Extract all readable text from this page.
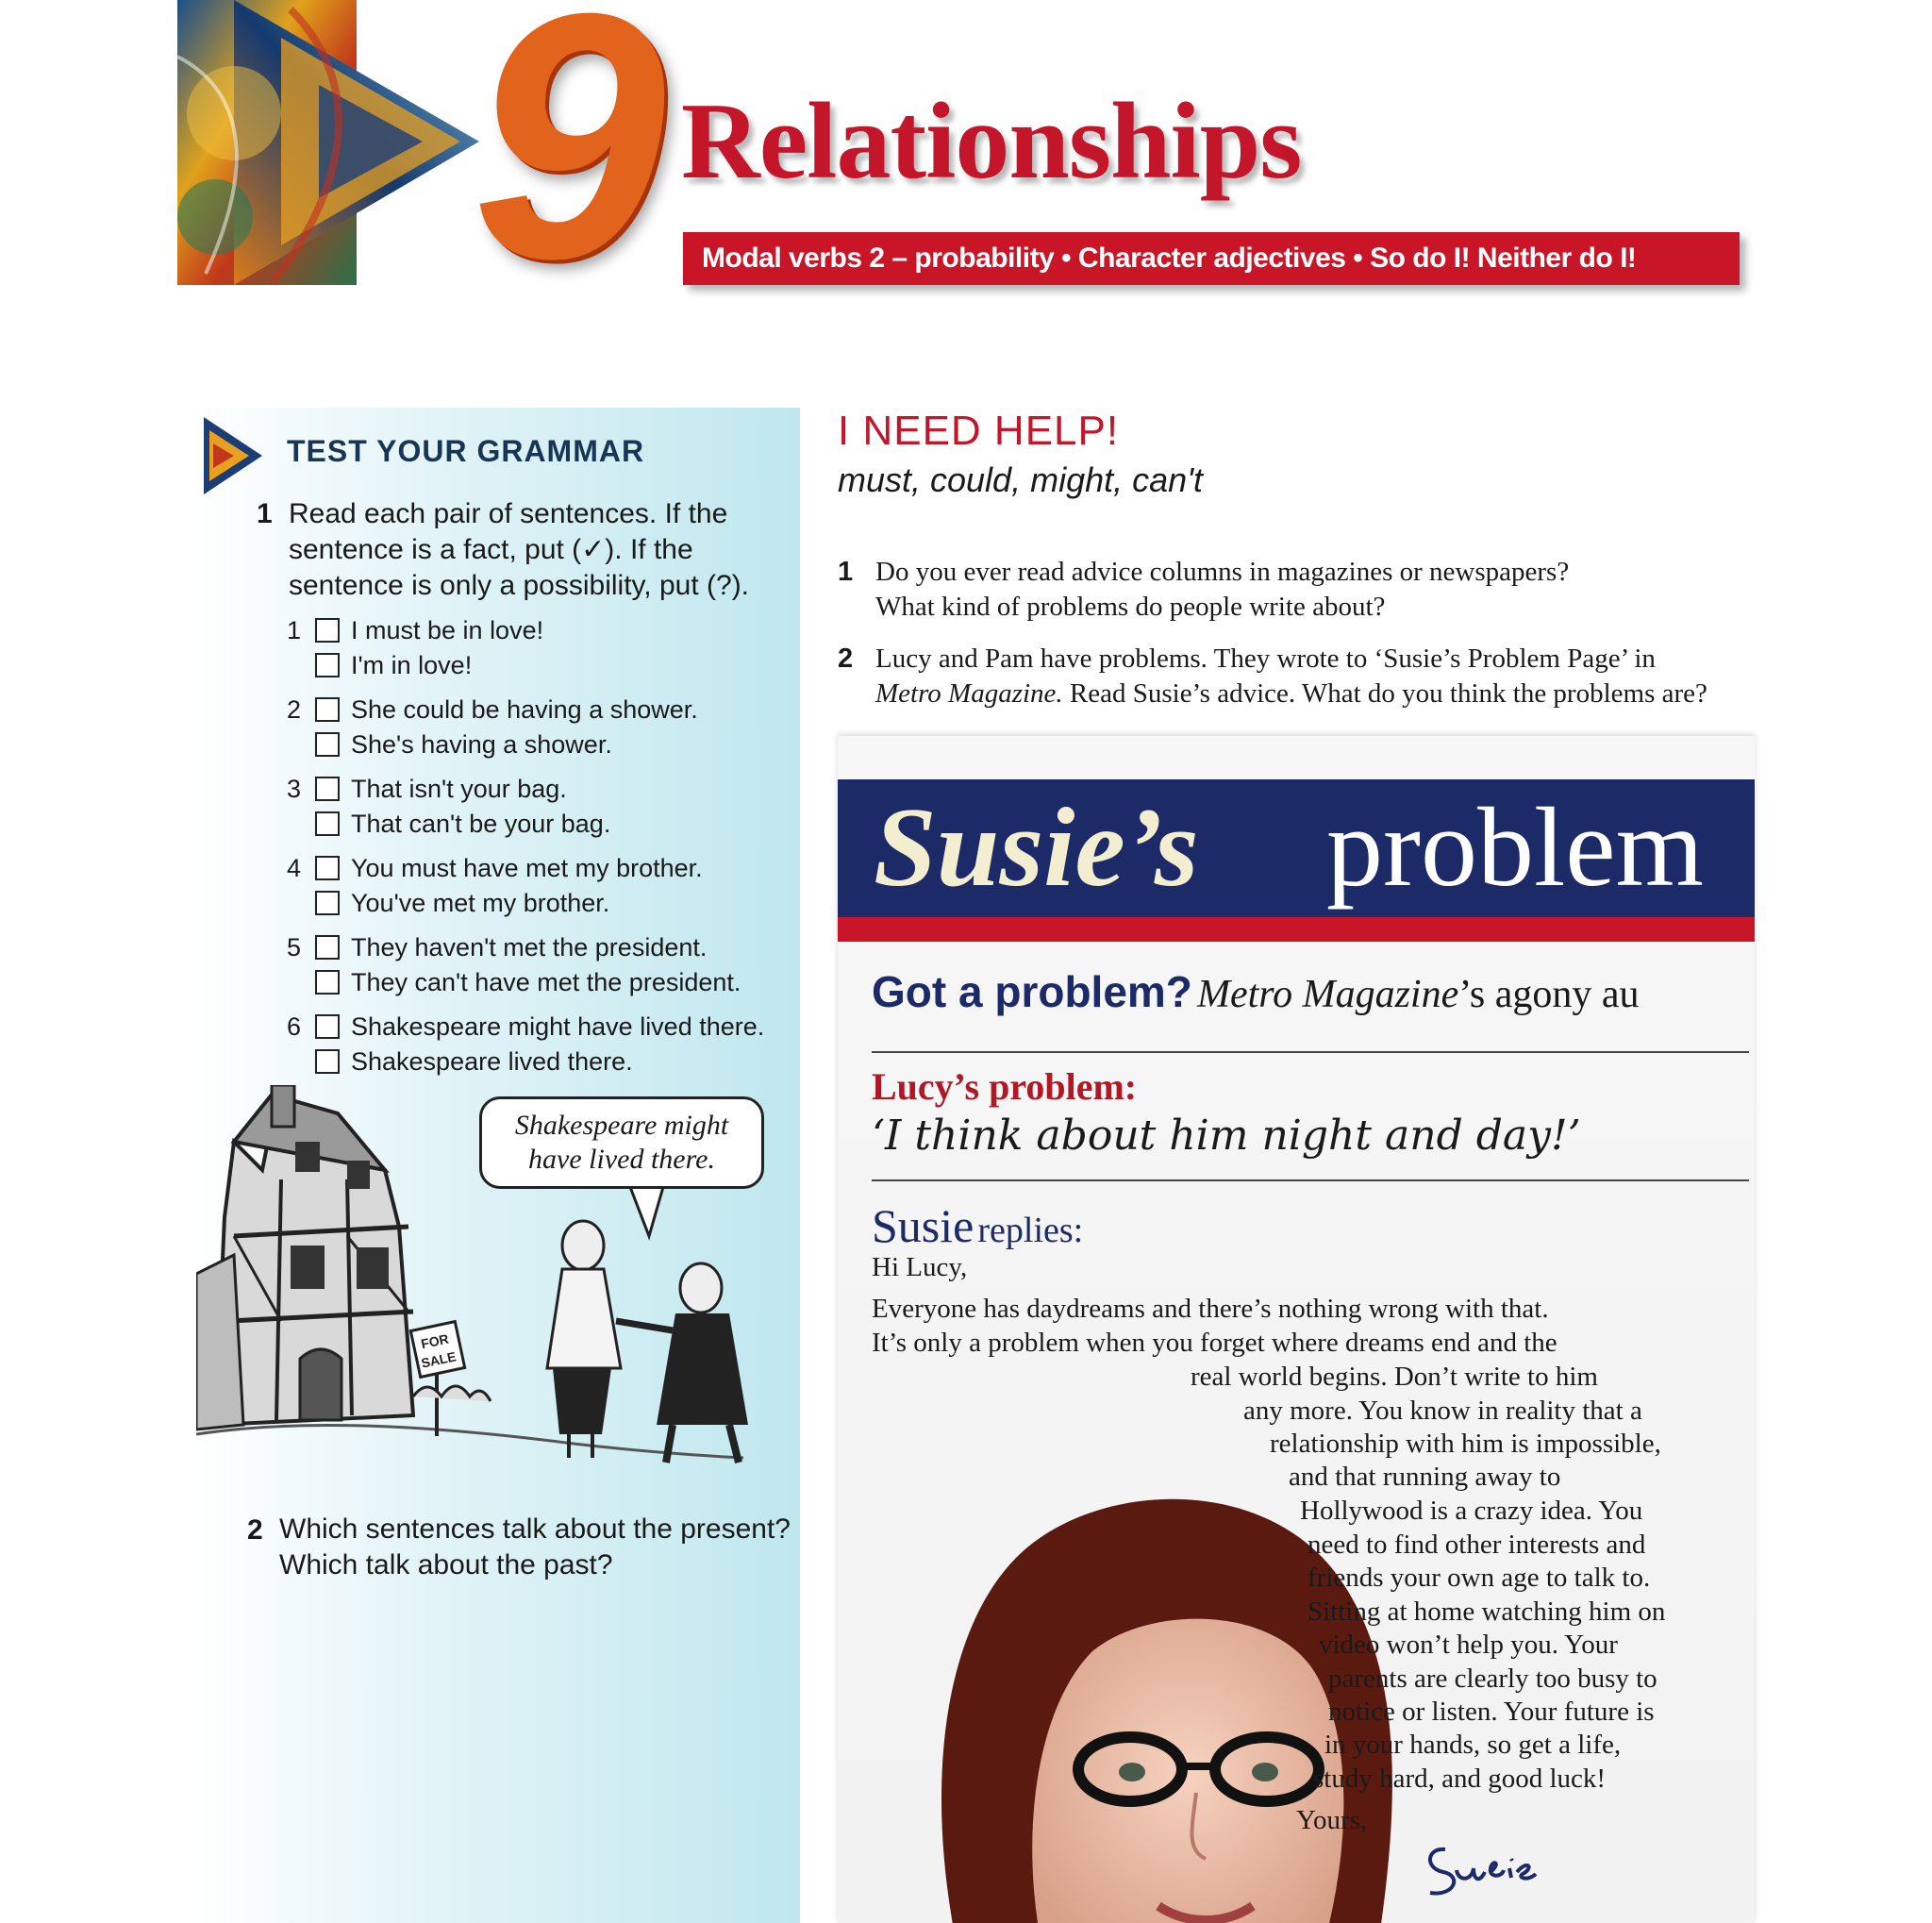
9 Relationships
Modal verbs 2 – probability • Character adjectives • So do I! Neither do I!
TEST YOUR GRAMMAR
1 Read each pair of sentences. If the
sentence is a fact, put (✓). If the
sentence is only a possibility, put (?).
1	I must be in love!
I'm in love!
2	She could be having a shower.
She's having a shower.
3	That isn't your bag.
That can't be your bag.
4	You must have met my brother.
You've met my brother.
5	They haven't met the president.
They can't have met the president.
6	Shakespeare might have lived there.
Shakespeare lived there.
FOR
SALE
Shakespeare might
have lived there.
2 Which sentences talk about the present?
Which talk about the past?
I NEED HELP!
must, could, might, can't
1 Do you ever read advice columns in magazines or newspapers?
What kind of problems do people write about?
2 Lucy and Pam have problems. They wrote to ‘Susie’s Problem Page’ in
Metro Magazine. Read Susie’s advice. What do you think the problems are?
Susie’s problem
Got a problem? Metro Magazine’s agony au
Lucy’s problem:
‘I think about him night and day!’
Susie replies:
Hi Lucy,
Everyone has daydreams and there’s nothing wrong with that.
It’s only a problem when you forget where dreams end and the
real world begins. Don’t write to him
any more. You know in reality that a
relationship with him is impossible,
and that running away to
Hollywood is a crazy idea. You
need to find other interests and
friends your own age to talk to.
Sitting at home watching him on
video won’t help you. Your
parents are clearly too busy to
notice or listen. Your future is
in your hands, so get a life,
study hard, and good luck!
Yours,
